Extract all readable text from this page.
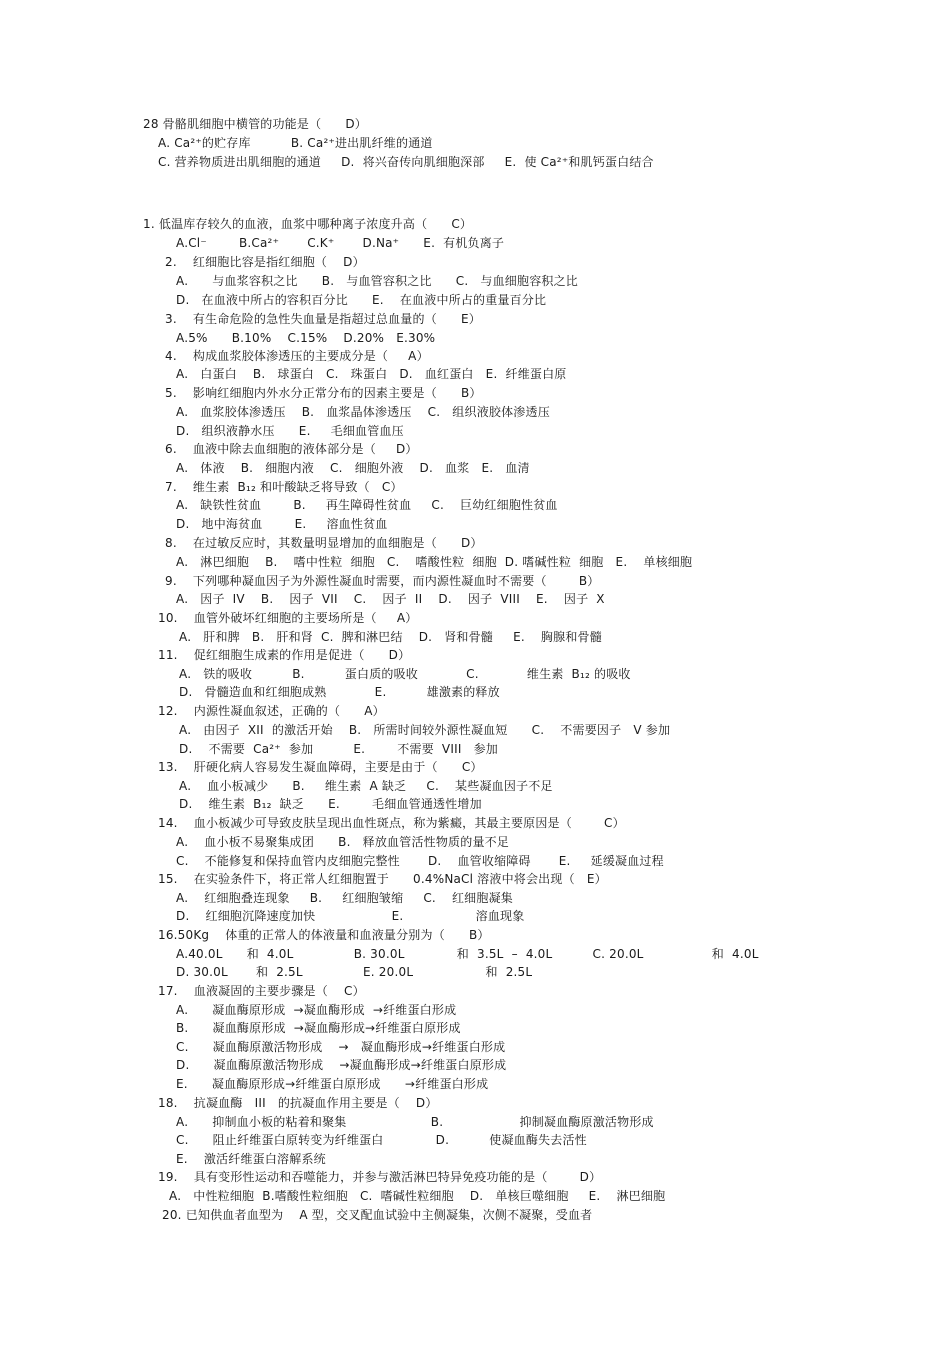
28 骨骼肌细胞中横管的功能是（      D）
A. Ca²⁺的贮存库          B. Ca²⁺进出肌纤维的通道
C. 营养物质进出肌细胞的通道     D.  将兴奋传向肌细胞深部     E.  使 Ca²⁺和肌钙蛋白结合
1. 低温库存较久的血液，血浆中哪种离子浓度升高（      C）
A.Cl⁻        B.Ca²⁺       C.K⁺       D.Na⁺      E.  有机负离子
2.    红细胞比容是指红细胞（    D）
A.      与血浆容积之比      B.   与血管容积之比      C.   与血细胞容积之比
D.   在血液中所占的容积百分比      E.    在血液中所占的重量百分比
3.    有生命危险的急性失血量是指超过总血量的（      E）
A.5%      B.10%    C.15%    D.20%   E.30%
4.    构成血浆胶体渗透压的主要成分是（     A）
A.   白蛋白    B.   球蛋白   C.   珠蛋白   D.   血红蛋白   E.  纤维蛋白原
5.    影响红细胞内外水分正常分布的因素主要是（      B）
A.   血浆胶体渗透压    B.   血浆晶体渗透压    C.   组织液胶体渗透压
D.   组织液静水压      E.     毛细血管血压
6.    血液中除去血细胞的液体部分是（     D）
A.   体液    B.   细胞内液    C.   细胞外液    D.   血浆   E.   血清
7.    维生素  B₁₂ 和叶酸缺乏将导致（   C）
A.   缺铁性贫血        B.     再生障碍性贫血     C.    巨幼红细胞性贫血
D.   地中海贫血        E.     溶血性贫血
8.    在过敏反应时，其数量明显增加的血细胞是（      D）
A.   淋巴细胞    B.    嗜中性粒  细胞   C.    嗜酸性粒  细胞  D. 嗜碱性粒  细胞   E.    单核细胞
9.    下列哪种凝血因子为外源性凝血时需要，而内源性凝血时不需要（        B）
A.   因子  IV    B.    因子  VII    C.    因子  II    D.    因子  VIII    E.    因子  X
10.    血管外破坏红细胞的主要场所是（     A）
A.   肝和脾   B.   肝和肾  C.  脾和淋巴结    D.   肾和骨髓     E.    胸腺和骨髓
11.    促红细胞生成素的作用是促进（      D）
A.   铁的吸收          B.          蛋白质的吸收            C.            维生素  B₁₂ 的吸收
D.   骨髓造血和红细胞成熟            E.          雄激素的释放
12.    内源性凝血叙述，正确的（      A）
A.   由因子  XII  的激活开始    B.   所需时间较外源性凝血短      C.    不需要因子   V 参加
D.    不需要  Ca²⁺  参加          E.        不需要  VIII   参加
13.    肝硬化病人容易发生凝血障碍，主要是由于（      C）
A.    血小板减少      B.     维生素  A 缺乏     C.    某些凝血因子不足
D.    维生素  B₁₂  缺乏      E.        毛细血管通透性增加
14.    血小板减少可导致皮肤呈现出血性斑点，称为紫癜，其最主要原因是（        C）
A.    血小板不易聚集成团      B.   释放血管活性物质的量不足
C.    不能修复和保持血管内皮细胞完整性       D.    血管收缩障碍       E.     延缓凝血过程
15.    在实验条件下，将正常人红细胞置于      0.4%NaCl 溶液中将会出现（   E）
A.    红细胞叠连现象     B.     红细胞皱缩     C.    红细胞凝集
D.    红细胞沉降速度加快                   E.                  溶血现象
16.50Kg    体重的正常人的体液量和血液量分别为（      B）
A.40.0L      和  4.0L               B. 30.0L             和  3.5L  –  4.0L          C. 20.0L                 和  4.0L
D. 30.0L       和  2.5L               E. 20.0L                  和  2.5L
17.    血液凝固的主要步骤是（    C）
A.      凝血酶原形成  →凝血酶形成  →纤维蛋白形成
B.      凝血酶原形成  →凝血酶形成→纤维蛋白原形成
C.      凝血酶原激活物形成    →   凝血酶形成→纤维蛋白形成
D.      凝血酶原激活物形成    →凝血酶形成→纤维蛋白原形成
E.      凝血酶原形成→纤维蛋白原形成      →纤维蛋白形成
18.    抗凝血酶   III   的抗凝血作用主要是（    D）
A.      抑制血小板的粘着和聚集                     B.                   抑制凝血酶原激活物形成
C.      阻止纤维蛋白原转变为纤维蛋白             D.          使凝血酶失去活性
E.    激活纤维蛋白溶解系统
19.    具有变形性运动和吞噬能力，并参与激活淋巴特异免疫功能的是（        D）
A.   中性粒细胞  B.嗜酸性粒细胞   C.  嗜碱性粒细胞    D.   单核巨噬细胞     E.    淋巴细胞
20. 已知供血者血型为    A 型，交叉配血试验中主侧凝集，次侧不凝聚，受血者
